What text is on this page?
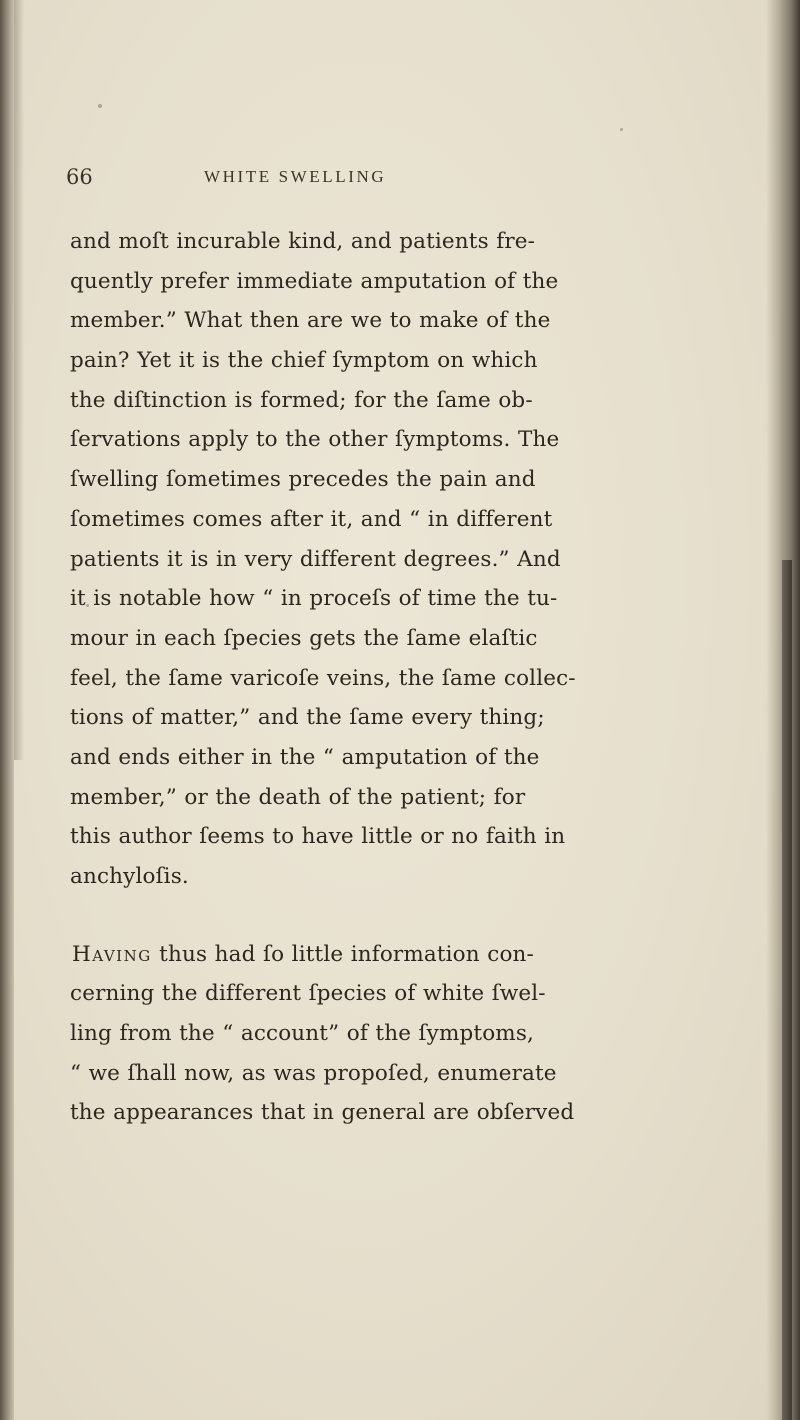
66	WHITE SWELLING
and moſt incurable kind, and patients fre-
quently prefer immediate amputation of the
member.” What then are we to make of the
pain? Yet it is the chief ſymptom on which
the diſtinction is formed; for the ſame ob-
ſervations apply to the other ſymptoms. The
ſwelling ſometimes precedes the pain and
ſometimes comes after it, and “ in different
patients it is in very different degrees.” And
it is notable how “ in proceſs of time the tu-
mour in each ſpecies gets the ſame elaſtic
feel, the ſame varicoſe veins, the ſame collec-
tions of matter,” and the ſame every thing;
and ends either in the “ amputation of the
member,” or the death of the patient; for
this author ſeems to have little or no faith in
anchyloſis.
Having thus had ſo little information con-
cerning the different ſpecies of white ſwel-
ling from the “ account” of the ſymptoms,
“ we ſhall now, as was propoſed, enumerate
the appearances that in general are obſerved
